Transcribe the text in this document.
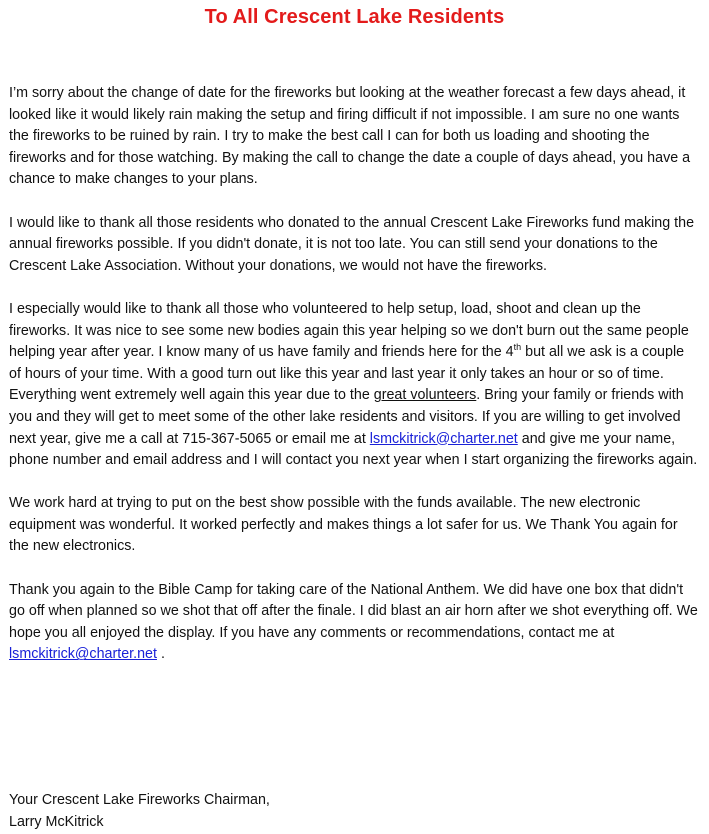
To All Crescent Lake Residents

I’m sorry about the change of date for the fireworks but looking at the weather forecast a few days ahead, it looked like it would likely rain making the setup and firing difficult if not impossible. I am sure no one wants the fireworks to be ruined by rain. I try to make the best call I can for both us loading and shooting the fireworks and for those watching. By making the call to change the date a couple of days ahead, you have a chance to make changes to your plans.

I would like to thank all those residents who donated to the annual Crescent Lake Fireworks fund making the annual fireworks possible. If you didn't donate, it is not too late. You can still send your donations to the Crescent Lake Association. Without your donations, we would not have the fireworks.

I especially would like to thank all those who volunteered to help setup, load, shoot and clean up the fireworks. It was nice to see some new bodies again this year helping so we don't burn out the same people helping year after year. I know many of us have family and friends here for the 4th but all we ask is a couple of hours of your time. With a good turn out like this year and last year it only takes an hour or so of time. Everything went extremely well again this year due to the great volunteers. Bring your family or friends with you and they will get to meet some of the other lake residents and visitors. If you are willing to get involved next year, give me a call at 715-367-5065 or email me at lsmckitrick@charter.net and give me your name, phone number and email address and I will contact you next year when I start organizing the fireworks again.

We work hard at trying to put on the best show possible with the funds available. The new electronic equipment was wonderful. It worked perfectly and makes things a lot safer for us. We Thank You again for the new electronics.

Thank you again to the Bible Camp for taking care of the National Anthem. We did have one box that didn't go off when planned so we shot that off after the finale. I did blast an air horn after we shot everything off. We hope you all enjoyed the display. If you have any comments or recommendations, contact me at lsmckitrick@charter.net .

Your Crescent Lake Fireworks Chairman,
Larry McKitrick
